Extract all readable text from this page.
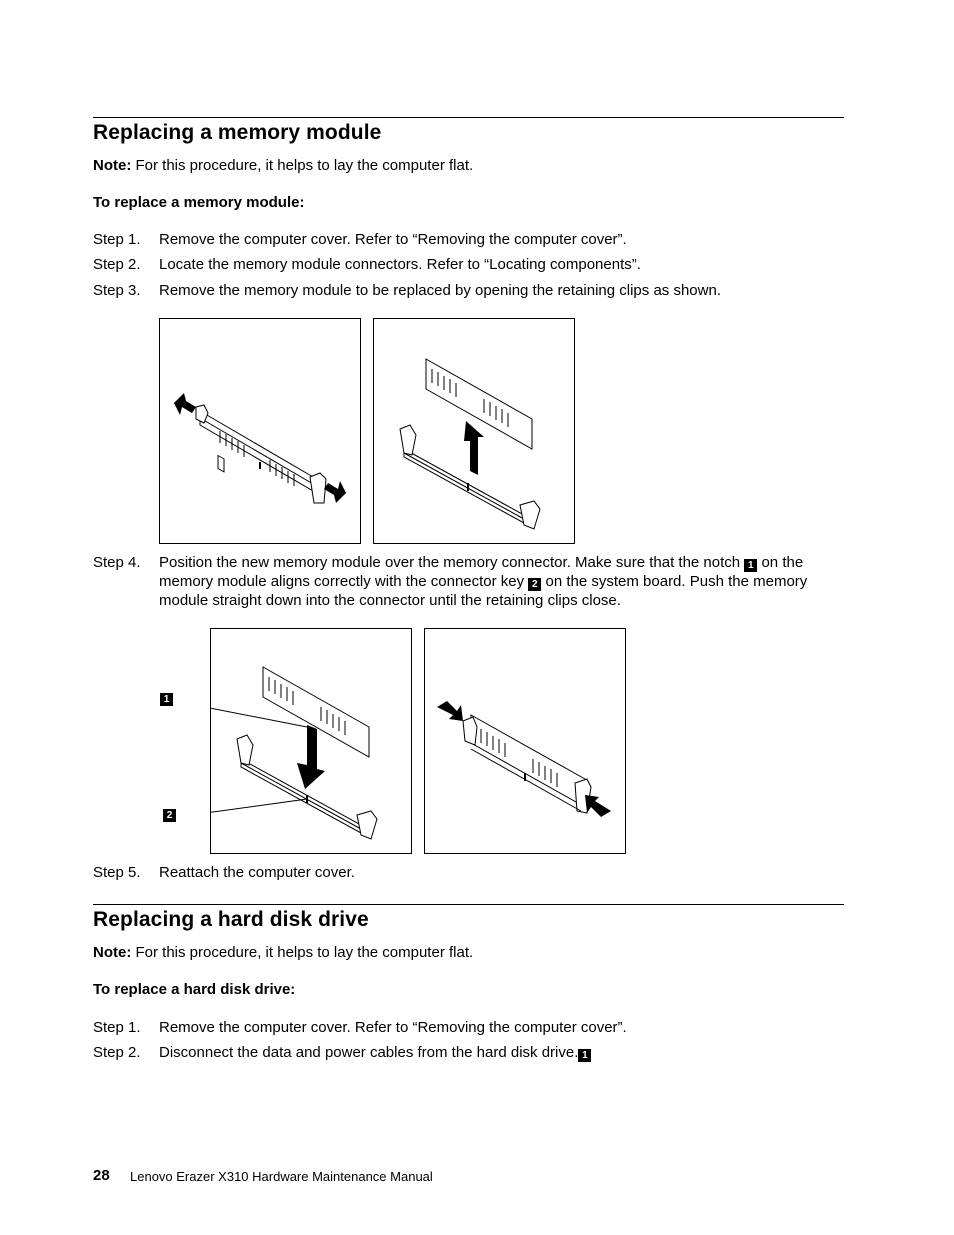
Replacing a memory module
Note: For this procedure, it helps to lay the computer flat.
To replace a memory module:
Step 1.	Remove the computer cover. Refer to “Removing the computer cover”.
Step 2.	Locate the memory module connectors. Refer to “Locating components”.
Step 3.	Remove the memory module to be replaced by opening the retaining clips as shown.
Step 4.	Position the new memory module over the memory connector. Make sure that the notch 1 on the memory module aligns correctly with the connector key 2 on the system board. Push the memory module straight down into the connector until the retaining clips close.
1
2
Step 5.	Reattach the computer cover.
Replacing a hard disk drive
Note: For this procedure, it helps to lay the computer flat.
To replace a hard disk drive:
Step 1.	Remove the computer cover. Refer to “Removing the computer cover”.
Step 2.	Disconnect the data and power cables from the hard disk drive. 1
28 Lenovo Erazer X310 Hardware Maintenance Manual
